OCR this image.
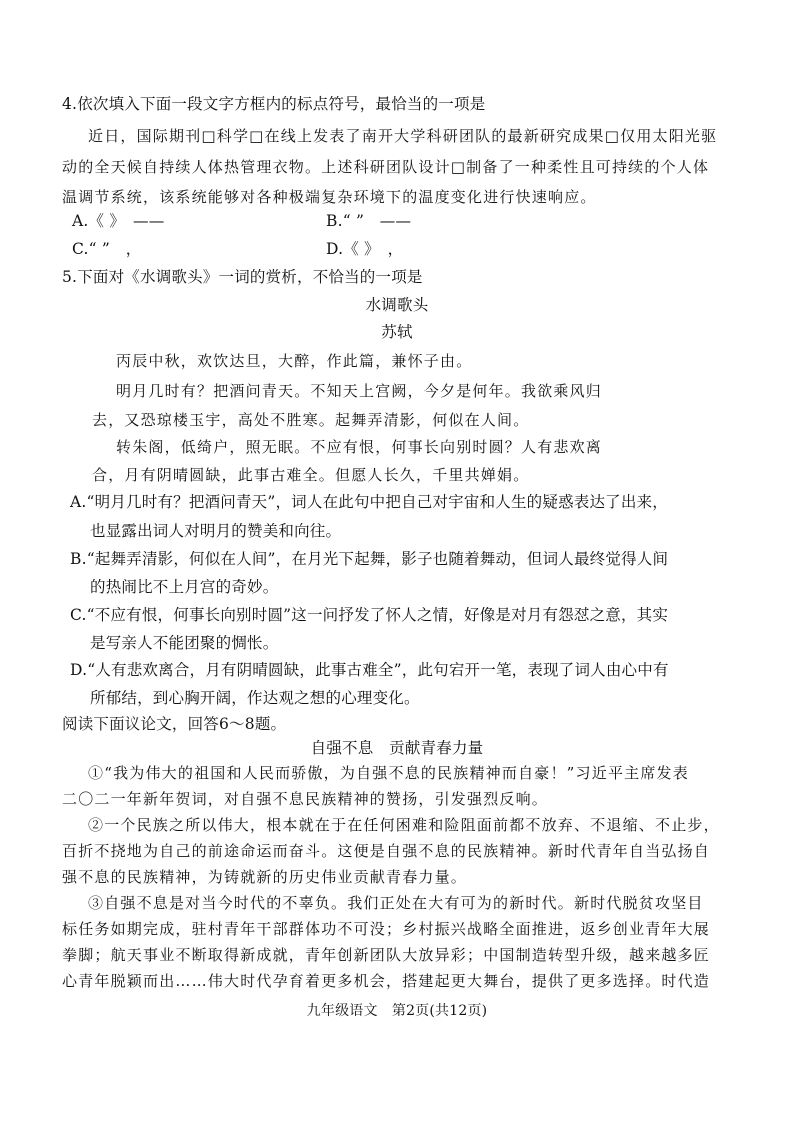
4.依次填入下面一段文字方框内的标点符号，最恰当的一项是
近日，国际期刊□科学□在线上发表了南开大学科研团队的最新研究成果□仅用太阳光驱
动的全天候自持续人体热管理衣物。上述科研团队设计□制备了一种柔性且可持续的个人体
温调节系统，该系统能够对各种极端复杂环境下的温度变化进行快速响应。
A.《 》　——	B.“ ”　——
C.“ ”　，	D.《 》　，
5.下面对《水调歌头》一词的赏析，不恰当的一项是
水调歌头
苏轼
丙辰中秋，欢饮达旦，大醉，作此篇，兼怀子由。
明月几时有？把酒问青天。不知天上宫阙，今夕是何年。我欲乘风归
去，又恐琼楼玉宇，高处不胜寒。起舞弄清影，何似在人间。
转朱阁，低绮户，照无眠。不应有恨，何事长向别时圆？人有悲欢离
合，月有阴晴圆缺，此事古难全。但愿人长久，千里共婵娟。
A.“明月几时有？把酒问青天”，词人在此句中把自己对宇宙和人生的疑惑表达了出来，
也显露出词人对明月的赞美和向往。
B.“起舞弄清影，何似在人间”，在月光下起舞，影子也随着舞动，但词人最终觉得人间
的热闹比不上月宫的奇妙。
C.“不应有恨，何事长向别时圆”这一问抒发了怀人之情，好像是对月有怨怼之意，其实
是写亲人不能团聚的惆怅。
D.“人有悲欢离合，月有阴晴圆缺，此事古难全”，此句宕开一笔，表现了词人由心中有
所郁结，到心胸开阔，作达观之想的心理变化。
阅读下面议论文，回答6～8题。
自强不息　贡献青春力量
①“我为伟大的祖国和人民而骄傲，为自强不息的民族精神而自豪！”习近平主席发表
二〇二一年新年贺词，对自强不息民族精神的赞扬，引发强烈反响。
②一个民族之所以伟大，根本就在于在任何困难和险阻面前都不放弃、不退缩、不止步，
百折不挠地为自己的前途命运而奋斗。这便是自强不息的民族精神。新时代青年自当弘扬自
强不息的民族精神，为铸就新的历史伟业贡献青春力量。
③自强不息是对当今时代的不辜负。我们正处在大有可为的新时代。新时代脱贫攻坚目
标任务如期完成，驻村青年干部群体功不可没；乡村振兴战略全面推进，返乡创业青年大展
拳脚；航天事业不断取得新成就，青年创新团队大放异彩；中国制造转型升级，越来越多匠
心青年脱颖而出……伟大时代孕育着更多机会，搭建起更大舞台，提供了更多选择。时代造
九年级语文　第2页(共12页)
